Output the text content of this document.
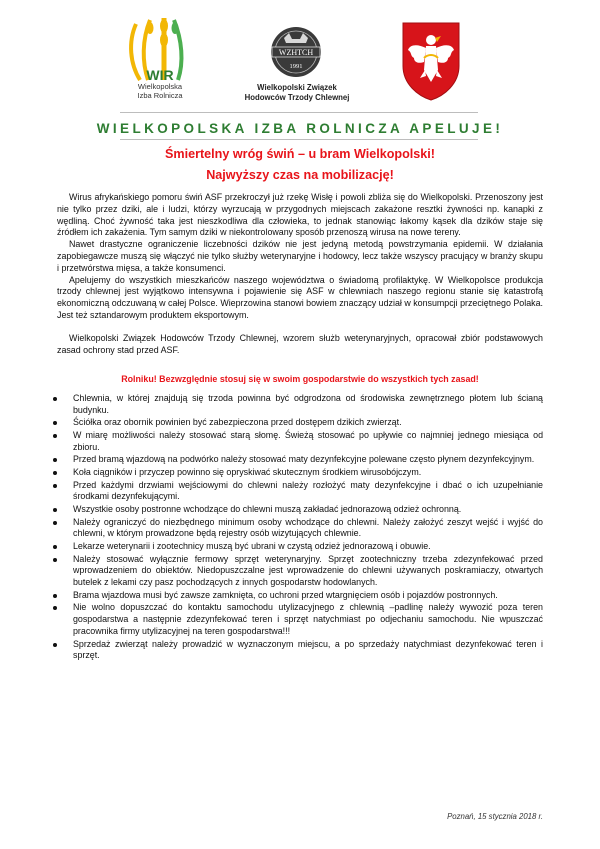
WIR
Wielkopolska
Izba Rolnicza
WZHTCH
1991
Wielkopolski Związek
Hodowców Trzody Chlewnej
WIELKOPOLSKA IZBA ROLNICZA APELUJE!
Śmiertelny wróg świń – u bram Wielkopolski!
Najwyższy czas na mobilizację!

Wirus afrykańskiego pomoru świń ASF przekroczył już rzekę Wisłę i powoli zbliża się do Wielkopolski. Przenoszony jest nie tylko przez dziki, ale i ludzi, którzy wyrzucają w przygodnych miejscach zakażone resztki żywności np. kanapki z wędliną. Choć żywność taka jest nieszkodliwa dla człowieka, to jednak stanowiąc łakomy kąsek dla dzików staje się źródłem ich zakażenia. Tym samym dziki w niekontrolowany sposób przenoszą wirusa na nowe tereny.

Nawet drastyczne ograniczenie liczebności dzików nie jest jedyną metodą powstrzymania epidemii. W działania zapobiegawcze muszą się włączyć nie tylko służby weterynaryjne i hodowcy, lecz także wszyscy pracujący w branży skupu i przetwórstwa mięsa, a także konsumenci.

Apelujemy do wszystkich mieszkańców naszego województwa o świadomą profilaktykę. W Wielkopolsce produkcja trzody chlewnej jest wyjątkowo intensywna i pojawienie się ASF w chlewniach naszego regionu stanie się katastrofą ekonomiczną odczuwaną w całej Polsce. Wieprzowina stanowi bowiem znaczący udział w konsumpcji przeciętnego Polaka. Jest też sztandarowym produktem eksportowym.

Wielkopolski Związek Hodowców Trzody Chlewnej, wzorem służb weterynaryjnych, opracował zbiór podstawowych zasad ochrony stad przed ASF.

Rolniku! Bezwzględnie stosuj się w swoim gospodarstwie do wszystkich tych zasad!
Chlewnia, w której znajdują się trzoda powinna być odgrodzona od środowiska zewnętrznego płotem lub ścianą budynku.
Ściółka oraz obornik powinien być zabezpieczona przed dostępem dzikich zwierząt.
W miarę możliwości należy stosować starą słomę. Świeżą stosować po upływie co najmniej jednego miesiąca od zbioru.
Przed bramą wjazdową na podwórko należy stosować maty dezynfekcyjne polewane często płynem dezynfekcyjnym.
Koła ciągników i przyczep powinno się opryskiwać skutecznym środkiem wirusobójczym.
Przed każdymi drzwiami wejściowymi do chlewni należy rozłożyć maty dezynfekcyjne i dbać o ich uzupełnianie środkami dezynfekującymi.
Wszystkie osoby postronne wchodzące do chlewni muszą zakładać jednorazową odzież ochronną.
Należy ograniczyć do niezbędnego minimum osoby wchodzące do chlewni. Należy założyć zeszyt wejść i wyjść do chlewni, w którym prowadzone będą rejestry osób wizytujących chlewnie.
Lekarze weterynarii i zootechnicy muszą być ubrani w czystą odzież jednorazową i obuwie.
Należy stosować wyłącznie fermowy sprzęt weterynaryjny. Sprzęt zootechniczny trzeba zdezynfekować przed wprowadzeniem do obiektów. Niedopuszczalne jest wprowadzenie do chlewni używanych poskramiaczy, otwartych butelek z lekami czy pasz pochodzących z innych gospodarstw hodowlanych.
Brama wjazdowa musi być zawsze zamknięta, co uchroni przed wtargnięciem osób i pojazdów postronnych.
Nie wolno dopuszczać do kontaktu samochodu utylizacyjnego z chlewnią –padlinę należy wywozić poza teren gospodarstwa a następnie zdezynfekować teren i sprzęt natychmiast po odjechaniu samochodu. Nie wpuszczać pracownika firmy utylizacyjnej na teren gospodarstwa!!!
Sprzedaż zwierząt należy prowadzić w wyznaczonym miejscu, a po sprzedaży natychmiast dezynfekować teren i sprzęt.
Poznań, 15 stycznia 2018 r.
